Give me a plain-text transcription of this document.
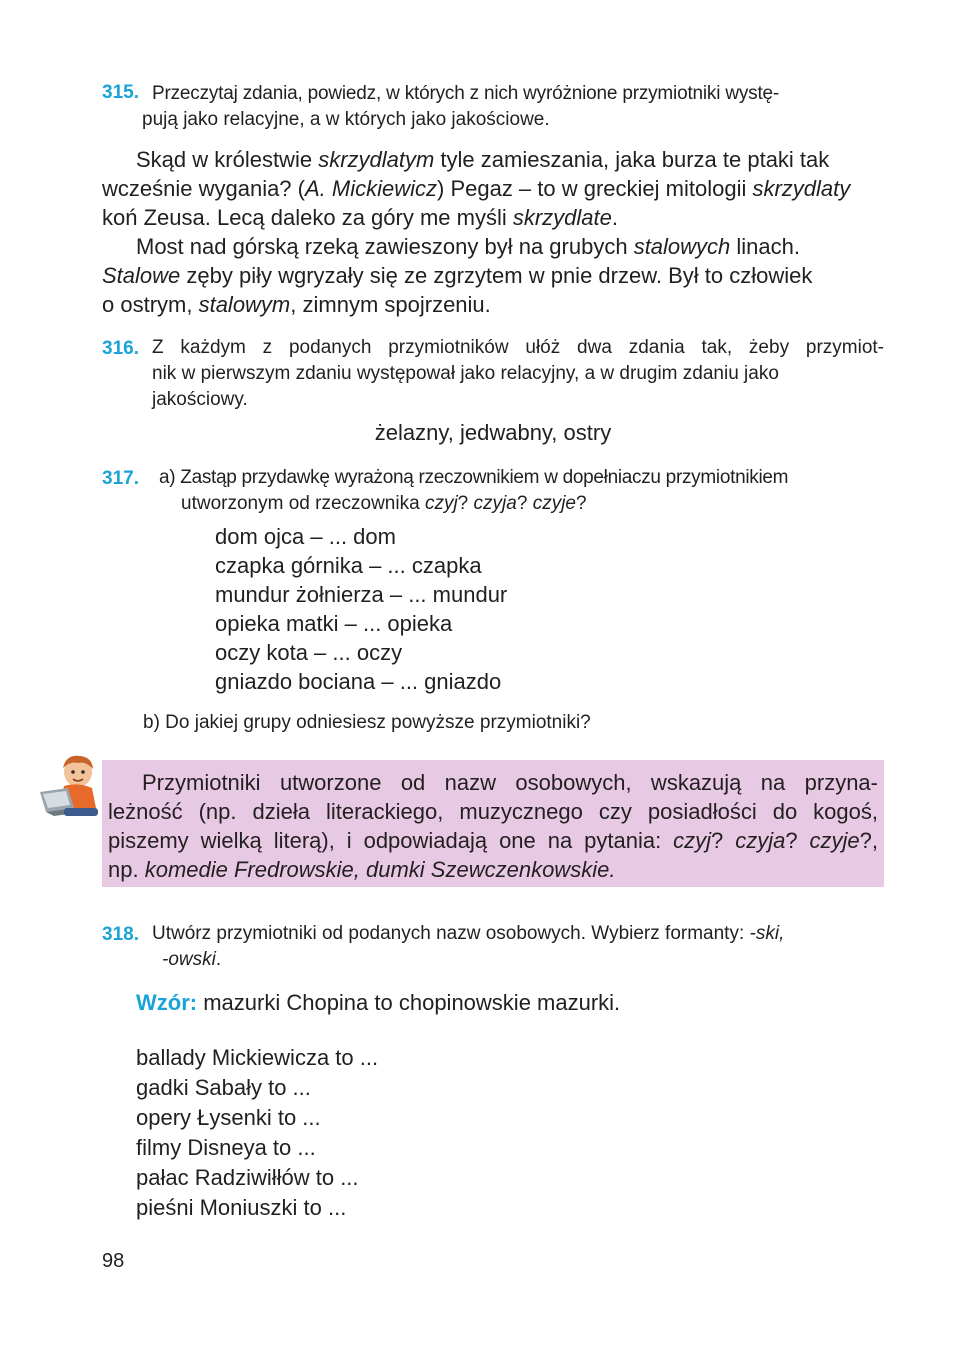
315. Przeczytaj zdania, powiedz, w których z nich wyróżnione przymiotniki wystę-
pują jako relacyjne, a w których jako jakościowe.
Skąd w królestwie skrzydlatym tyle zamieszania, jaka burza te ptaki tak
wcześnie wygania? (A. Mickiewicz) Pegaz – to w greckiej mitologii skrzydlaty
koń Zeusa. Lecą daleko za góry me myśli skrzydlate.
Most nad górską rzeką zawieszony był na grubych stalowych linach.
Stalowe zęby piły wgryzały się ze zgrzytem w pnie drzew. Był to człowiek
o ostrym, stalowym, zimnym spojrzeniu.
316. Z każdym z podanych przymiotników ułóż dwa zdania tak, żeby przymiot-
nik w pierwszym zdaniu występował jako relacyjny, a w drugim zdaniu jako
jakościowy.
żelazny, jedwabny, ostry
317. a) Zastąp przydawkę wyrażoną rzeczownikiem w dopełniaczu przymiotnikiem
utworzonym od rzeczownika czyj? czyja? czyje?
dom ojca – ... dom
czapka górnika – ... czapka
mundur żołnierza – ... mundur
opieka matki – ... opieka
oczy kota – ... oczy
gniazdo bociana – ... gniazdo
b) Do jakiej grupy odniesiesz powyższe przymiotniki?
Przymiotniki utworzone od nazw osobowych, wskazują na przyna-
leżność (np. dzieła literackiego, muzycznego czy posiadłości do kogoś,
piszemy wielką literą), i odpowiadają one na pytania: czyj? czyja? czyje?,
np. komedie Fredrowskie, dumki Szewczenkowskie.
318. Utwórz przymiotniki od podanych nazw osobowych. Wybierz formanty: -ski,
-owski.
Wzór: mazurki Chopina to chopinowskie mazurki.
ballady Mickiewicza to ...
gadki Sabały to ...
opery Łysenki to ...
filmy Disneya to ...
pałac Radziwiłłów to ...
pieśni Moniuszki to ...
98
